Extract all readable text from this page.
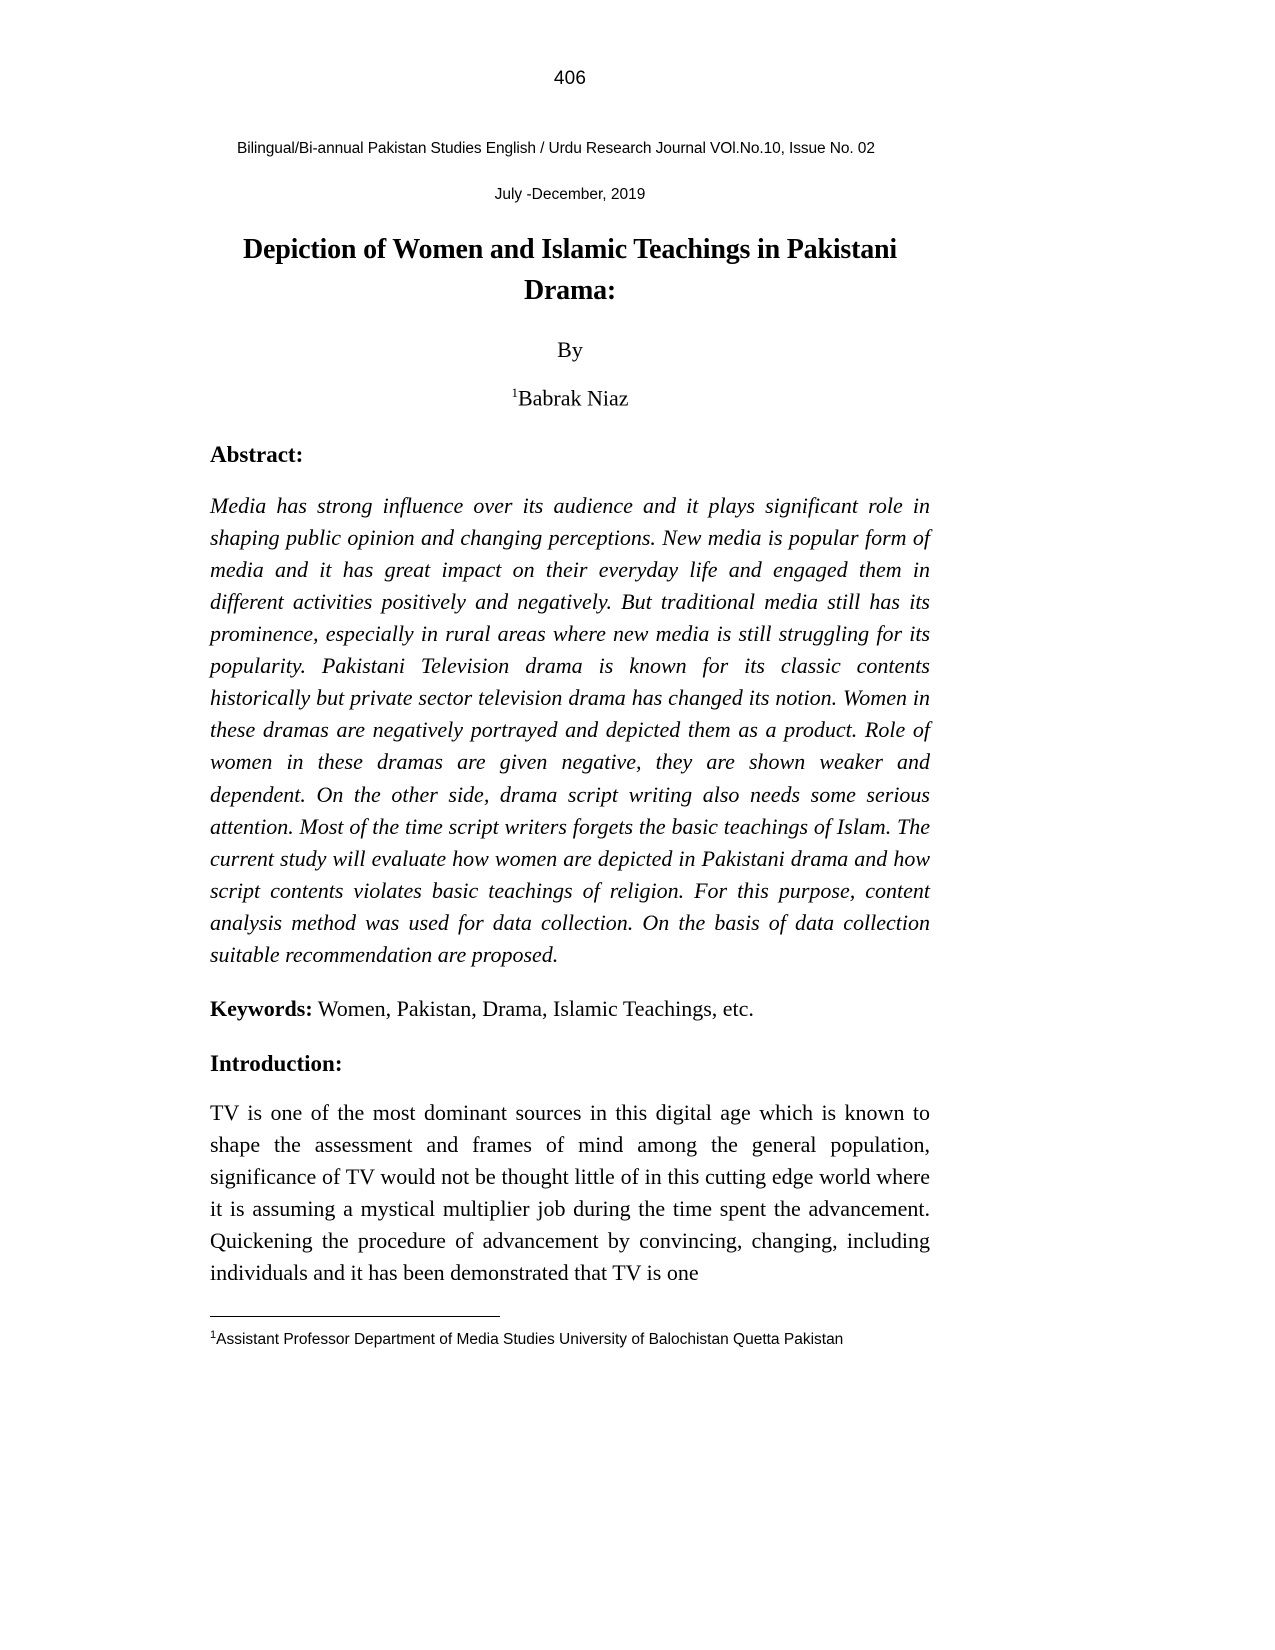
406
Bilingual/Bi-annual Pakistan Studies English / Urdu Research Journal VOl.No.10, Issue No. 02
July -December, 2019
Depiction of Women and Islamic Teachings in Pakistani Drama:
By
$^1$Babrak Niaz
Abstract:

Media has strong influence over its audience and it plays significant role in shaping public opinion and changing perceptions. New media is popular form of media and it has great impact on their everyday life and engaged them in different activities positively and negatively. But traditional media still has its prominence, especially in rural areas where new media is still struggling for its popularity. Pakistani Television drama is known for its classic contents historically but private sector television drama has changed its notion. Women in these dramas are negatively portrayed and depicted them as a product. Role of women in these dramas are given negative, they are shown weaker and dependent. On the other side, drama script writing also needs some serious attention. Most of the time script writers forgets the basic teachings of Islam. The current study will evaluate how women are depicted in Pakistani drama and how script contents violates basic teachings of religion. For this purpose, content analysis method was used for data collection. On the basis of data collection suitable recommendation are proposed.

Keywords: Women, Pakistan, Drama, Islamic Teachings, etc.

Introduction:

TV is one of the most dominant sources in this digital age which is known to shape the assessment and frames of mind among the general population, significance of TV would not be thought little of in this cutting edge world where it is assuming a mystical multiplier job during the time spent the advancement. Quickening the procedure of advancement by convincing, changing, including individuals and it has been demonstrated that TV is one

$^1$Assistant Professor Department of Media Studies University of Balochistan Quetta Pakistan
